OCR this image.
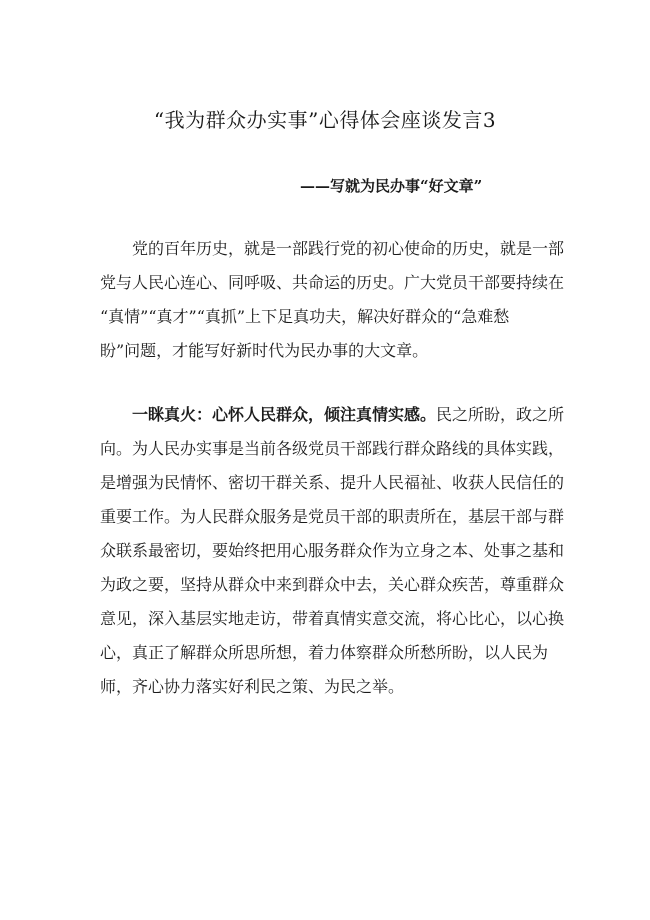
“我为群众办实事”心得体会座谈发言3
——写就为民办事“好文章”
党的百年历史，就是一部践行党的初心使命的历史，就是一部
党与人民心连心、同呼吸、共命运的历史。广大党员干部要持续在
“真情”“真才”“真抓”上下足真功夫，解决好群众的“急难愁
盼”问题，才能写好新时代为民办事的大文章。
一眯真火：心怀人民群众，倾注真情实感。民之所盼，政之所
向。为人民办实事是当前各级党员干部践行群众路线的具体实践，
是增强为民情怀、密切干群关系、提升人民福祉、收获人民信任的
重要工作。为人民群众服务是党员干部的职责所在，基层干部与群
众联系最密切，要始终把用心服务群众作为立身之本、处事之基和
为政之要，坚持从群众中来到群众中去，关心群众疾苦，尊重群众
意见，深入基层实地走访，带着真情实意交流，将心比心，以心换
心，真正了解群众所思所想，着力体察群众所愁所盼，以人民为
师，齐心协力落实好利民之策、为民之举。
